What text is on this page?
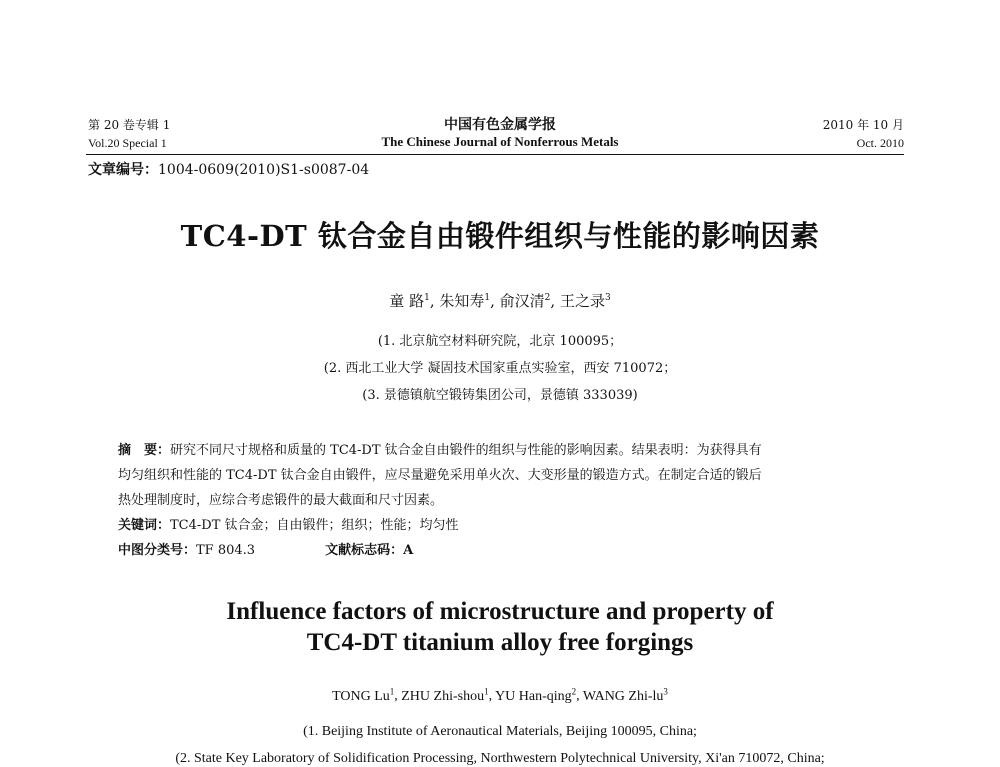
第 20 卷专辑 1	中国有色金属学报	2010 年 10 月
Vol.20 Special 1	The Chinese Journal of Nonferrous Metals	Oct. 2010
文章编号：1004-0609(2010)S1-s0087-04
TC4-DT 钛合金自由锻件组织与性能的影响因素
童 路$^1$, 朱知寿$^1$, 俞汉清$^2$, 王之录$^3$
(1. 北京航空材料研究院，北京 100095；
(2. 西北工业大学 凝固技术国家重点实验室，西安 710072；
(3. 景德镇航空锻铸集团公司，景德镇 333039)
摘　要：研究不同尺寸规格和质量的 TC4-DT 钛合金自由锻件的组织与性能的影响因素。结果表明：为获得具有
均匀组织和性能的 TC4-DT 钛合金自由锻件，应尽量避免采用单火次、大变形量的锻造方式。在制定合适的锻后
热处理制度时，应综合考虑锻件的最大截面和尺寸因素。
关键词：TC4-DT 钛合金；自由锻件；组织；性能；均匀性
中图分类号：TF 804.3	文献标志码：A
Influence factors of microstructure and property of
TC4-DT titanium alloy free forgings
TONG Lu$^1$, ZHU Zhi-shou$^1$, YU Han-qing$^2$, WANG Zhi-$lu^3$
(1. Beijing Institute of Aeronautical Materials, Beijing 100095, China;
(2. State Key Laboratory of Solidification Processing, Northwestern Polytechnical University, Xi'an 710072, China;
